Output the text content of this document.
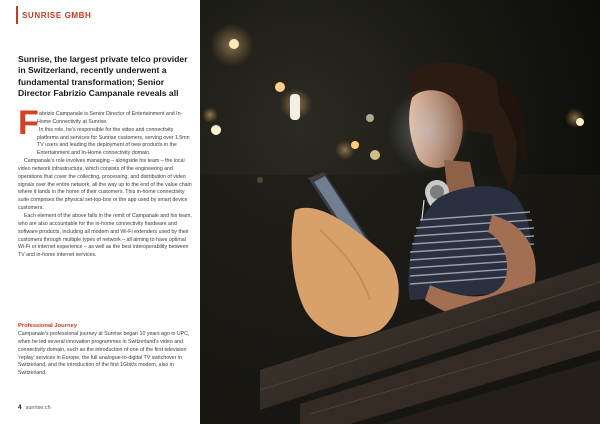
SUNRISE GMBH
Sunrise, the largest private telco provider in Switzerland, recently underwent a fundamental transformation; Senior Director Fabrizio Campanale reveals all
F abrizio Campanale is Senior Director of Entertainment and In-Home Connectivity at Sunrise.

In this role, he's responsible for the video and connectivity platforms and services for Sunrise customers, serving over 1.5mn TV users and leading the deployment of new products in the Entertainment and In-Home connectivity domain.

Campanale's role involves managing – alongside his team – the local video network infrastructure, which consists of the engineering and operations that cover the collecting, processing, and distribution of video signals over the entire network, all the way up to the end of the value chain where it lands in the home of their customers. This in-home connectivity suite comprises the physical set-top-box or the app used by smart device customers.

Each element of the above falls in the remit of Campanale and his team, who are also accountable for the in-home connectivity hardware and software products, including all modem and Wi-Fi extenders used by their customers through multiple types of network – all aiming to have optimal Wi-Fi or internet experience – as well as the best interoperability between TV and in-home internet services.

Professional Journey

Campanale's professional journey at Sunrise began 10 years ago in UPC, when he led several innovation programmes in Switzerland's video and connectivity domain, such as the introduction of one of the first television ‘replay’ services in Europe, the full analogue-to-digital TV switchover in Switzerland, and the introduction of the first 1Gbit/s modem, also in Switzerland.

4 sunrise.ch
